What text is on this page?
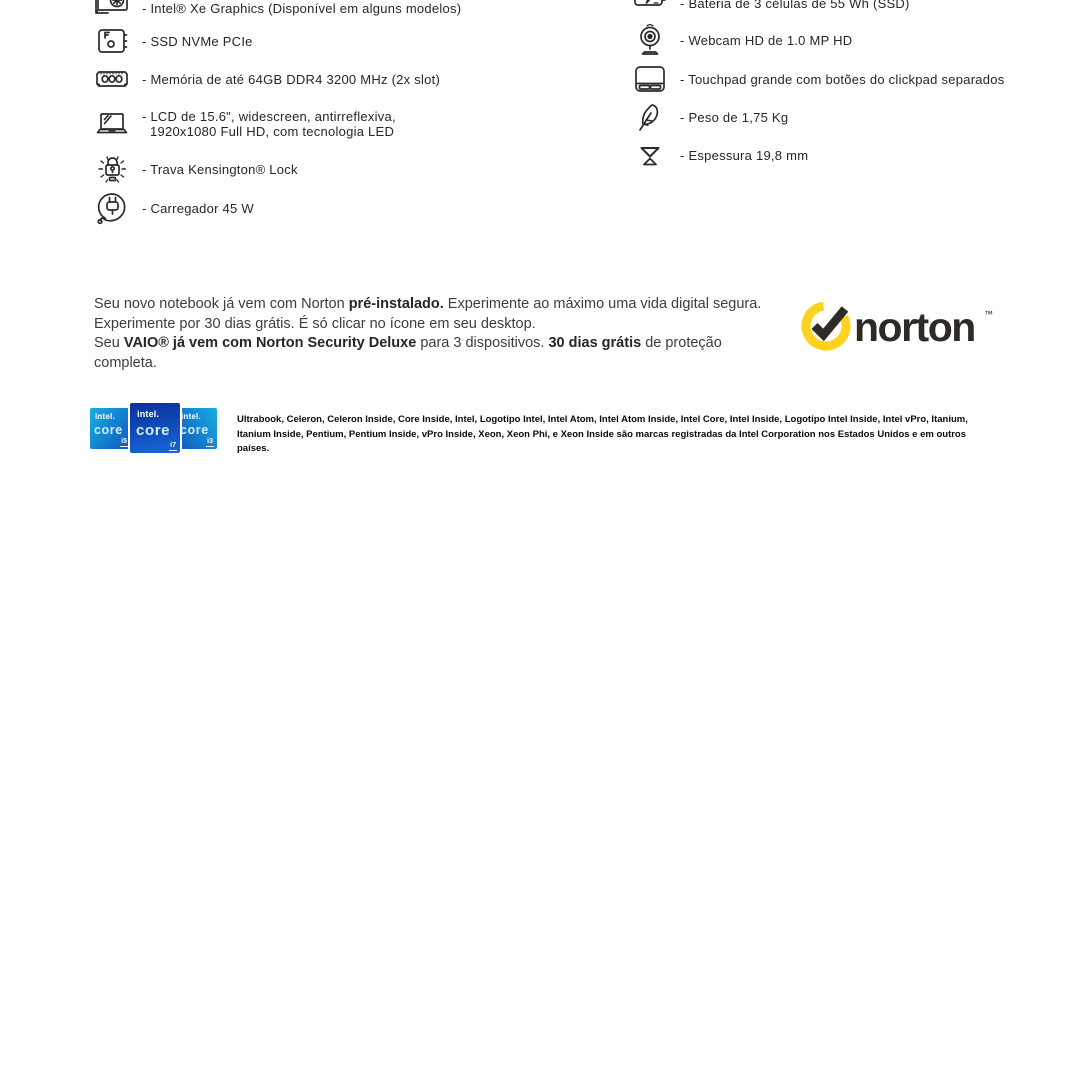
- Intel® Xe Graphics (Disponível em alguns modelos)
- SSD NVMe PCIe
- Memória de até 64GB DDR4 3200 MHz (2x slot)
- LCD de 15.6", widescreen, antirreflexiva,
1920x1080 Full HD, com tecnologia LED
- Trava Kensington® Lock
- Carregador 45 W
- Bateria de 3 células de 55 Wh (SSD)
- Webcam HD de 1.0 MP HD
- Touchpad grande com botões do clickpad separados
- Peso de 1,75 Kg
- Espessura 19,8 mm
Seu novo notebook já vem com Norton pré-instalado. Experimente ao máximo uma vida digital segura.
Experimente por 30 dias grátis. É só clicar no ícone em seu desktop.
Seu VAIO® já vem com Norton Security Deluxe para 3 dispositivos. 30 dias grátis de proteção completa.
norton ™
intel.
core
i5
intel.
core
i7
intel.
core
i3
Ultrabook, Celeron, Celeron Inside, Core Inside, Intel, Logotipo Intel, Intel Atom, Intel Atom Inside, Intel Core, Intel Inside, Logotipo Intel Inside, Intel vPro, Itanium, Itanium Inside, Pentium, Pentium Inside, vPro Inside, Xeon, Xeon Phi, e Xeon Inside são marcas registradas da Intel Corporation nos Estados Unidos e em outros países.
